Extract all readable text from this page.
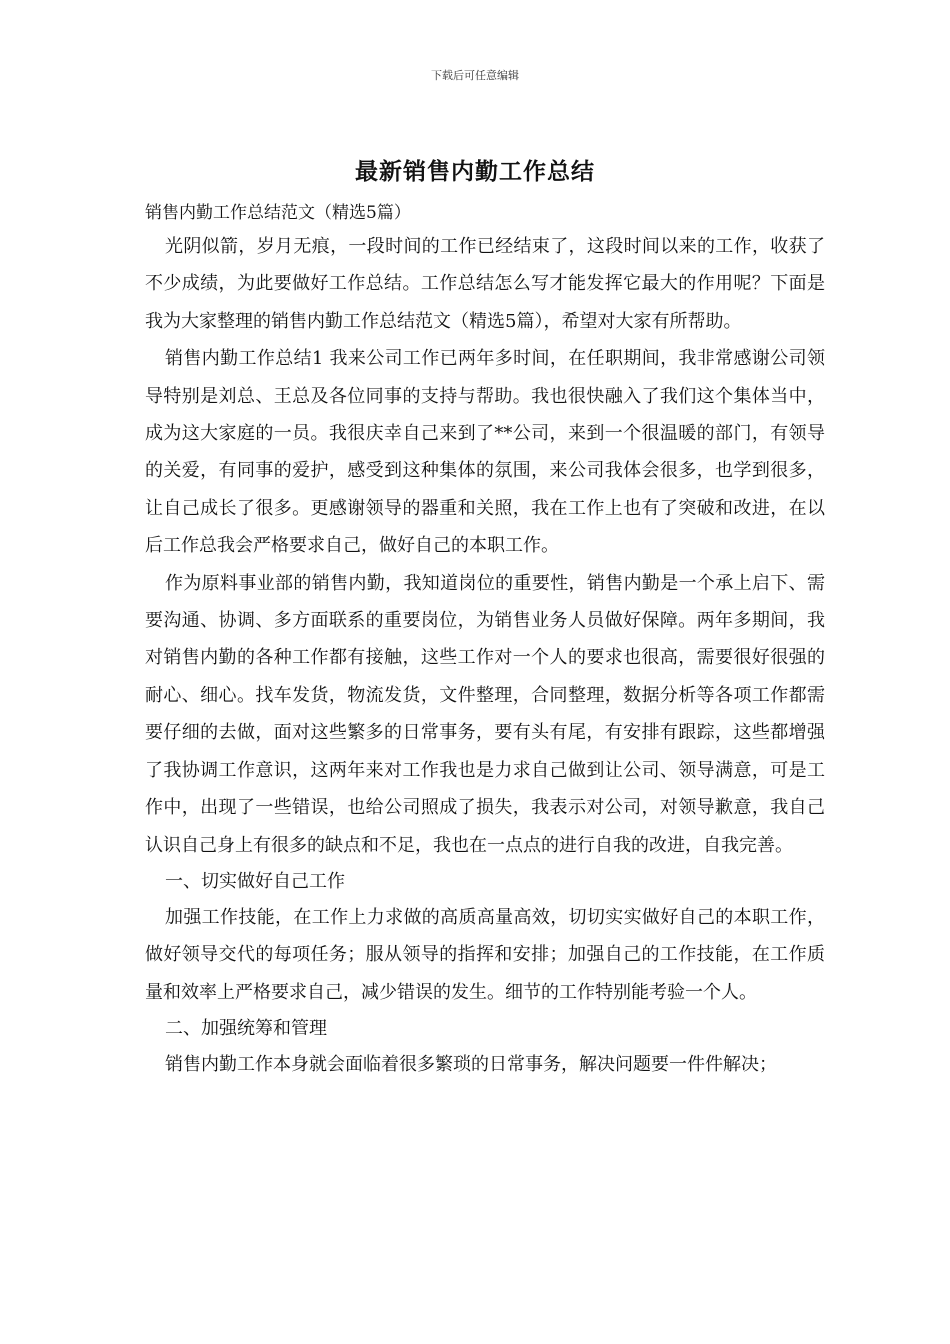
下载后可任意编辑
最新销售内勤工作总结

销售内勤工作总结范文（精选5篇）

光阴似箭，岁月无痕，一段时间的工作已经结束了，这段时间以来的工作，收获了不少成绩，为此要做好工作总结。工作总结怎么写才能发挥它最大的作用呢？下面是我为大家整理的销售内勤工作总结范文（精选5篇），希望对大家有所帮助。

销售内勤工作总结1 我来公司工作已两年多时间，在任职期间，我非常感谢公司领导特别是刘总、王总及各位同事的支持与帮助。我也很快融入了我们这个集体当中，成为这大家庭的一员。我很庆幸自己来到了**公司，来到一个很温暖的部门，有领导的关爱，有同事的爱护，感受到这种集体的氛围，来公司我体会很多，也学到很多，让自己成长了很多。更感谢领导的器重和关照，我在工作上也有了突破和改进，在以后工作总我会严格要求自己，做好自己的本职工作。

作为原料事业部的销售内勤，我知道岗位的重要性，销售内勤是一个承上启下、需要沟通、协调、多方面联系的重要岗位，为销售业务人员做好保障。两年多期间，我对销售内勤的各种工作都有接触，这些工作对一个人的要求也很高，需要很好很强的耐心、细心。找车发货，物流发货，文件整理，合同整理，数据分析等各项工作都需要仔细的去做，面对这些繁多的日常事务，要有头有尾，有安排有跟踪，这些都增强了我协调工作意识，这两年来对工作我也是力求自己做到让公司、领导满意，可是工作中，出现了一些错误，也给公司照成了损失，我表示对公司，对领导歉意，我自己认识自己身上有很多的缺点和不足，我也在一点点的进行自我的改进，自我完善。

一、切实做好自己工作

加强工作技能，在工作上力求做的高质高量高效，切切实实做好自己的本职工作，做好领导交代的每项任务；服从领导的指挥和安排；加强自己的工作技能，在工作质量和效率上严格要求自己，减少错误的发生。细节的工作特别能考验一个人。

二、加强统筹和管理

销售内勤工作本身就会面临着很多繁琐的日常事务，解决问题要一件件解决；
